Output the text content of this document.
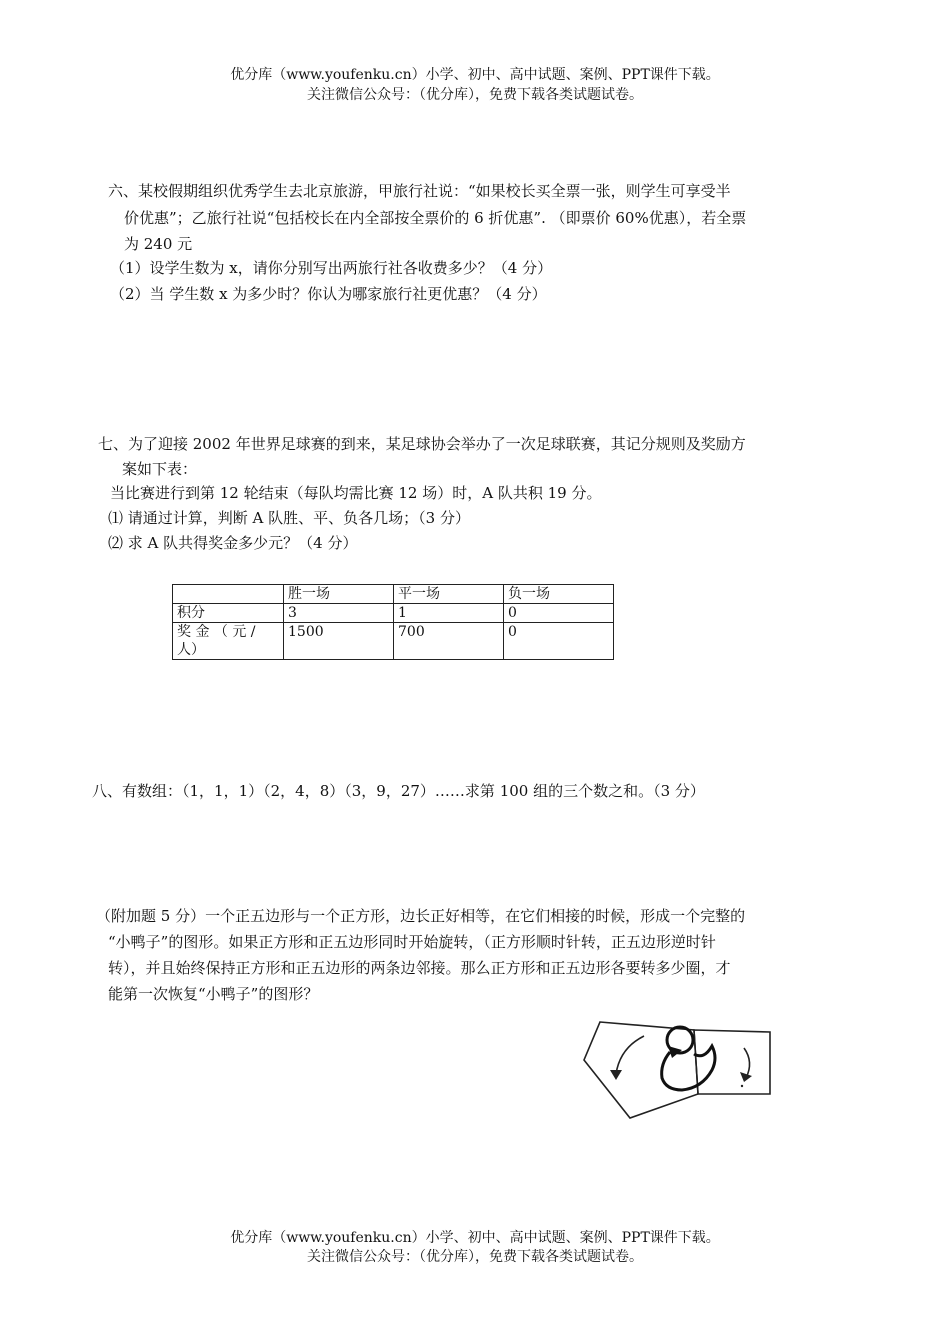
优分库（www.youfenku.cn）小学、初中、高中试题、案例、PPT课件下载。
关注微信公众号：（优分库），免费下载各类试题试卷。
六、某校假期组织优秀学生去北京旅游，甲旅行社说：“如果校长买全票一张，则学生可享受半
价优惠”；乙旅行社说“包括校长在内全部按全票价的 6 折优惠”. （即票价 60%优惠），若全票
为 240 元
（1）设学生数为 x，请你分别写出两旅行社各收费多少？（4 分）
（2）当 学生数 x 为多少时？你认为哪家旅行社更优惠？（4 分）
七、为了迎接 2002 年世界足球赛的到来，某足球协会举办了一次足球联赛，其记分规则及奖励方
案如下表：
当比赛进行到第 12 轮结束（每队均需比赛 12 场）时，A 队共积 19 分。
⑴ 请通过计算，判断 A 队胜、平、负各几场；（3 分）
⑵ 求 A 队共得奖金多少元？（4 分）
	胜一场	平一场	负一场
积分	3	1	0
奖 金 （ 元 / 人）	1500	700	0
八、有数组：（1，1，1）（2，4，8）（3，9，27）……求第 100 组的三个数之和。（3 分）
（附加题 5 分）一个正五边形与一个正方形，边长正好相等，在它们相接的时候，形成一个完整的
“小鸭子”的图形。如果正方形和正五边形同时开始旋转，（正方形顺时针转，正五边形逆时针
转），并且始终保持正方形和正五边形的两条边邻接。那么正方形和正五边形各要转多少圈，才
能第一次恢复“小鸭子”的图形？
优分库（www.youfenku.cn）小学、初中、高中试题、案例、PPT课件下载。
关注微信公众号：（优分库），免费下载各类试题试卷。
